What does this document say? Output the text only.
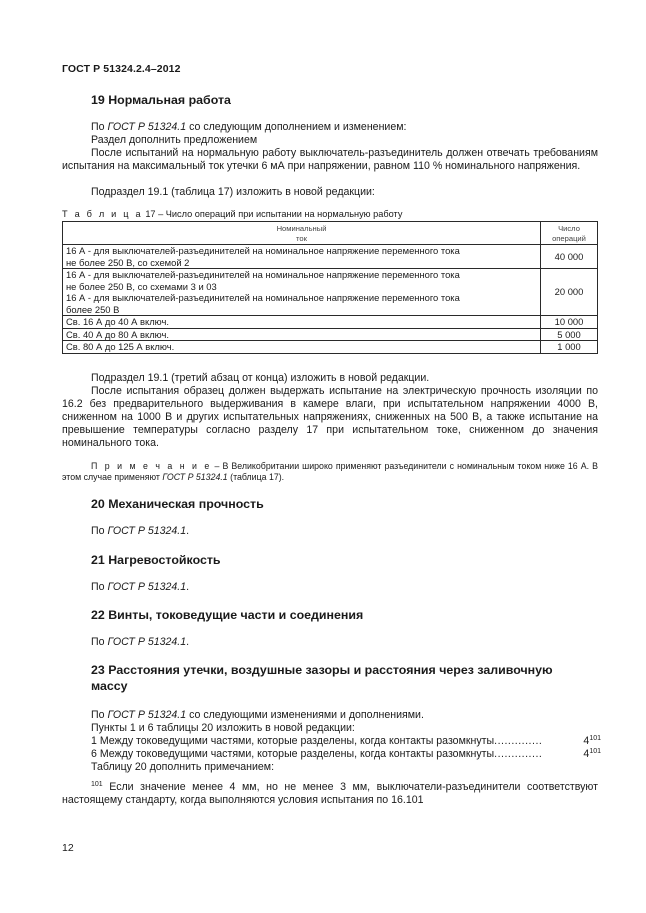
ГОСТ Р 51324.2.4–2012
19 Нормальная работа
По ГОСТ Р 51324.1 со следующим дополнением и изменением:
Раздел дополнить предложением
После испытаний на нормальную работу выключатель-разъединитель должен отвечать требованиям испытания на максимальный ток утечки 6 мА при напряжении, равном 110 % номинального напряжения.
Подраздел 19.1 (таблица 17) изложить в новой редакции:
Т а б л и ц а 17 – Число операций при испытании на нормальную работу
Номинальный
ток	Число
операций
16 А - для выключателей-разъединителей на номинальное напряжение переменного тока
не более 250 В, со схемой 2	40 000
16 А - для выключателей-разъединителей на номинальное напряжение переменного тока
не более 250 В, со схемами 3 и 03
16 А - для выключателей-разъединителей на номинальное напряжение переменного тока
более 250 В	20 000
Св. 16 А до 40 А включ.	10 000
Св. 40 А до 80 А включ.	5 000
Св. 80 А до 125 А включ.	1 000
Подраздел 19.1 (третий абзац от конца) изложить в новой редакции.
После испытания образец должен выдержать испытание на электрическую прочность изоляции по 16.2 без предварительного выдерживания в камере влаги, при испытательном напряжении 4000 В, сниженном на 1000 В и других испытательных напряжениях, сниженных на 500 В, а также испытание на превышение температуры согласно разделу 17 при испытательном токе, сниженном до значения номинального тока.
П р и м е ч а н и е – В Великобритании широко применяют разъединители с номинальным током ниже 16 А. В этом случае применяют ГОСТ Р 51324.1 (таблица 17).
20 Механическая прочность
По ГОСТ Р 51324.1.
21 Нагревостойкость
По ГОСТ Р 51324.1.
22 Винты, токоведущие части и соединения
По ГОСТ Р 51324.1.
23 Расстояния утечки, воздушные зазоры и расстояния через заливочную
массу
По ГОСТ Р 51324.1 со следующими изменениями и дополнениями.
Пункты 1 и 6 таблицы 20 изложить в новой редакции:
1 Между токоведущими частями, которые разделены, когда контакты разомкнуты ..............	$4^{101}$
6 Между токоведущими частями, которые разделены, когда контакты разомкнуты ..............	$4^{101}$
Таблицу 20 дополнить примечанием:
$^{101}$ Если значение менее 4 мм, но не менее 3 мм, выключатели-разъединители соответствуют настоящему стандарту, когда выполняются условия испытания по 16.101
12
